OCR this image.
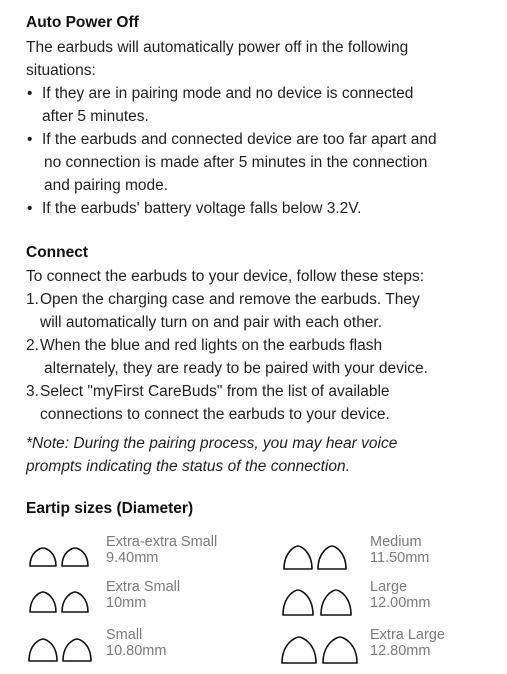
Auto Power Off
The earbuds will automatically power off in the following
situations:
• If they are in pairing mode and no device is connected
after 5 minutes.
• If the earbuds and connected device are too far apart and
no connection is made after 5 minutes in the connection
and pairing mode.
• If the earbuds' battery voltage falls below 3.2V.
Connect
To connect the earbuds to your device, follow these steps:
1. Open the charging case and remove the earbuds. They
will automatically turn on and pair with each other.
2. When the blue and red lights on the earbuds flash
alternately, they are ready to be paired with your device.
3. Select "myFirst CareBuds" from the list of available
connections to connect the earbuds to your device.
*Note: During the pairing process, you may hear voice
prompts indicating the status of the connection.
Eartip sizes (Diameter)
Extra-extra Small
9.40mm
Medium
11.50mm
Extra Small
10mm
Large
12.00mm
Small
10.80mm
Extra Large
12.80mm
